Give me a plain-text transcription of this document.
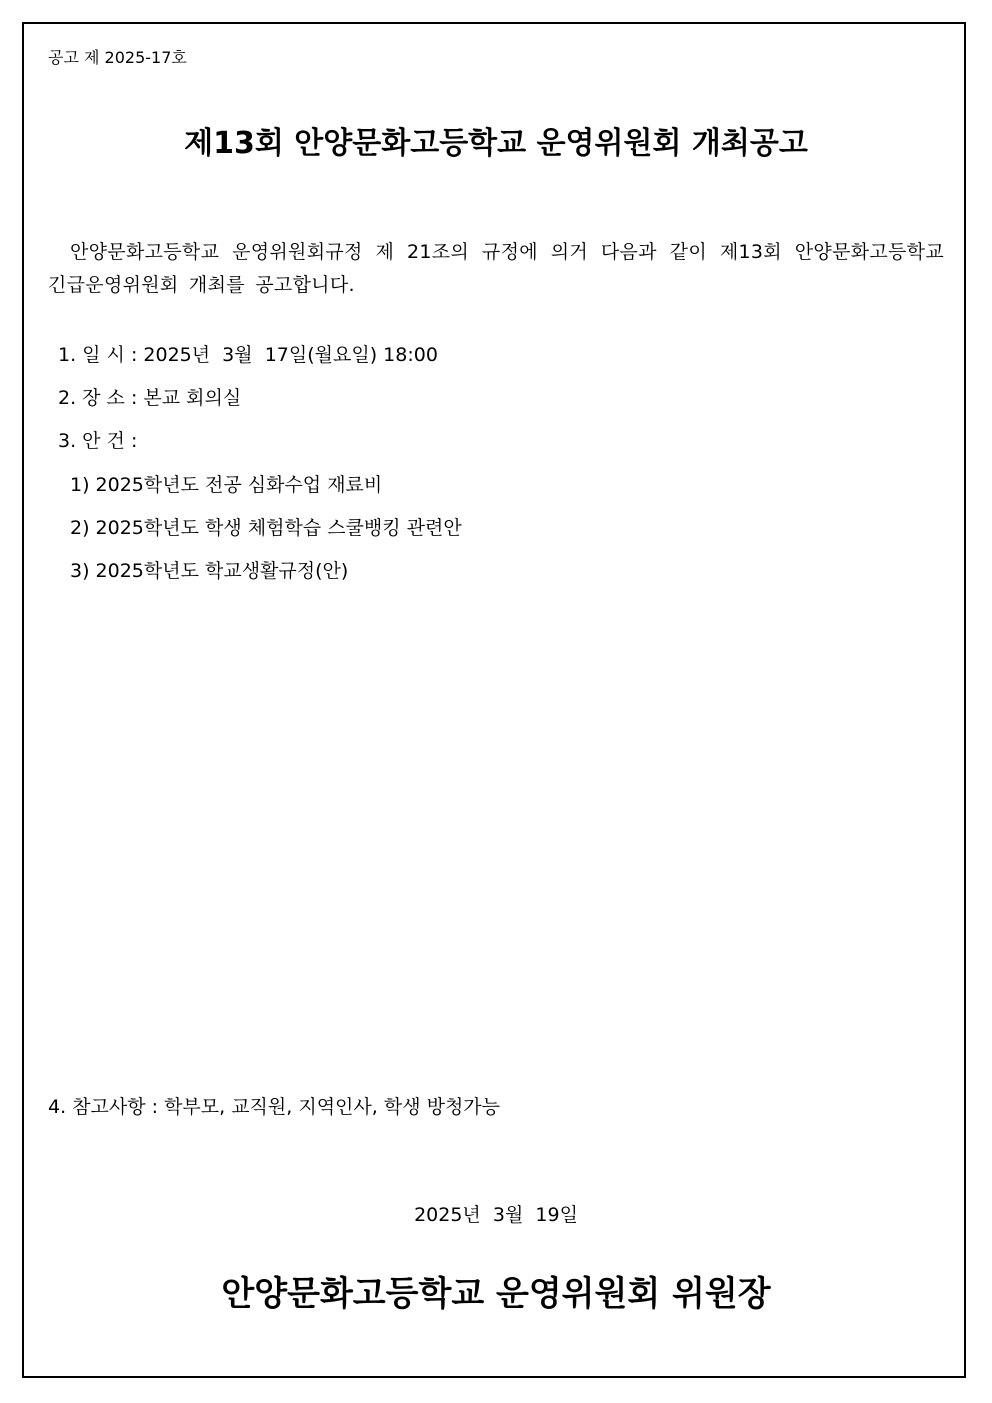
공고 제 2025-17호
제13회 안양문화고등학교 운영위원회 개최공고
안양문화고등학교 운영위원회규정 제 21조의 규정에 의거 다음과 같이 제13회 안양문화고등학교 긴급운영위원회 개최를 공고합니다.
1. 일 시 : 2025년  3월  17일(월요일) 18:00
2. 장 소 : 본교 회의실
3. 안 건 :
1) 2025학년도 전공 심화수업 재료비
2) 2025학년도 학생 체험학습 스쿨뱅킹 관련안
3) 2025학년도 학교생활규정(안)
4. 참고사항 : 학부모, 교직원, 지역인사, 학생 방청가능
2025년  3월  19일
안양문화고등학교 운영위원회 위원장
